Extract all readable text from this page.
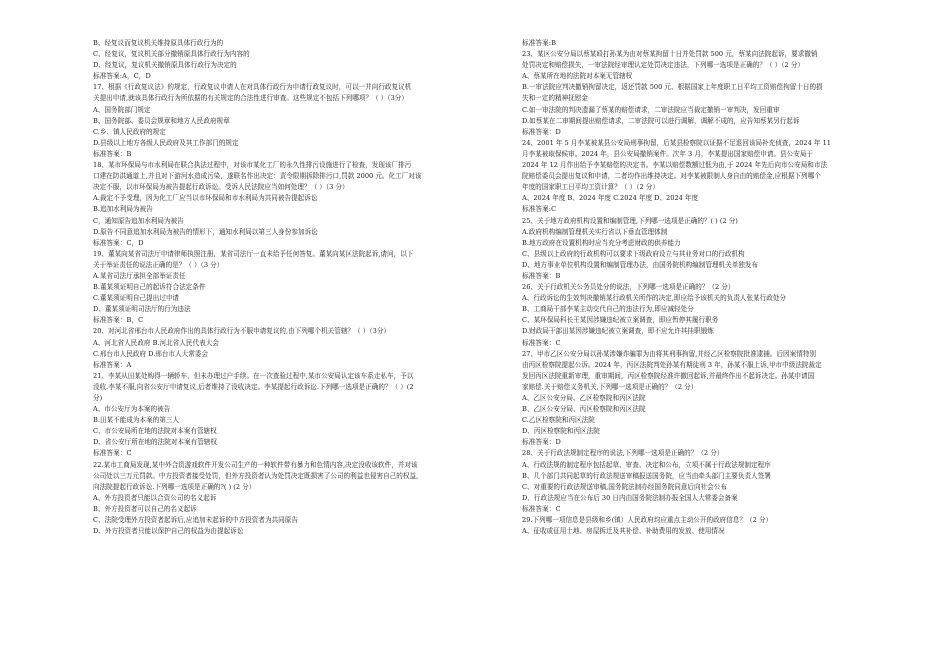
B、经复议而复议机关维持原具体行政行为的
C、经复议，复议机关部分撤销原具体行政行为内容的
D、经复议，复议机关撤销原具体行政行为决定的
标准答案:A，C，D
17、根据《行政复议法》的规定，行政复议申请人在对具体行政行为申请行政复议时，可以一并向行政复议机
关提出申请,就该具体行政行为所依据的有关规定的合法性进行审查。这些规定不包括下列哪项？（ ）（3分）
A、国务院部门规定
B、国务院部、委员会规章和地方人民政府规章
C.乡、镇人民政府的规定
D.县级以上地方各级人民政府及其工作部门的规定
标准答案：B
18、某市环保局与市水利局在联合执法过程中，对该市某化工厂的永久性排污设施进行了检查，发现该厂排污
口建在防洪通道上,并且对下游河水造成污染，遂联名作出决定：责令限期拆除排污口,罚款 2000 元。化工厂对该
决定不服，以市环保局为被告提起行政诉讼。受诉人民法院应当如何处理？（ ）（3 分）
A.裁定不予受理，因为化工厂应当以市环保局和市水利局为共同被告提起诉讼
B.追加水利局为被告
C，通知原告追加水利局为被告
D.原告不同意追加水利局为被告的情形下，通知水利局以第三人身份参加诉讼
标准答案：C，D
19、董某向某省司法厅申请律师执照注册，某省司法厅一直未给予任何答复。董某向某区法院起诉,请问，以下
关于举证责任的说法正确的是？（ ）（3 分）
A.某省司法厅承担全部举证责任
B.董某须证明自己的起诉符合法定条件
C.董某须证明自己提出过申请
D、董某须证明司法厅的行为违法
标准答案：B，C
20、对河北省邢台市人民政府作出的具体行政行为不服申请复议的,由下列哪个机关管辖？（ ）（3分）
A、河北省人民政府 B.河北省人民代表大会
C.邢台市人民政府 D.邢台市人大常委会
标准答案：A
21、李某从田某处购得一辆轿车，但未办理过户手续。在一次查验过程中,某市公安局认定该车系走私车，予以
没收.李某不服,向省公安厅申请复议,后者维持了没收决定。李某提起行政诉讼.下列哪一选项是正确的？（ ）(2
分)
A、市公安厅为本案的被告
B.田某不能成为本案的第三人
C、市公安局所在地的法院对本案有管辖权
D、省公安厅所在地的法院对本案有管辖权
标准答案：C
22.某市工商局发现,某中外合资游戏软件开发公司生产的一种软件带有暴力和色情内容,决定没收该软件，并对该
公司处以三万元罚款。中方投资者接受处罚，但外方投资者认为处罚决定既损害了公司的利益也侵害自己的权益,
向法院提起行政诉讼.下列哪一选项是正确的?( ) (2 分）
A、外方投资者只能以合资公司的名义起诉
B、外方投资者可以自己的名义起诉
C、法院受理外方投资者起诉后,应追加未起诉的中方投资者为共同原告
D、外方投资者只能以保护自己的权益为由提起诉讼
标准答案:B
23、某区公安分局以蔡某殴打孙某为由对蔡某拘留十日并处罚款 500 元，蔡某向法院起诉，要求撤销
处罚决定和赔偿损失，一审法院经审理认定处罚决定违法，下列哪一选项是正确的？（ ）（2 分）
A、蔡某所在地的法院对本案无管辖权
B.一审法院应判决撤销拘留决定，返还罚款 500 元、根据国家上年度职工日平均工资赔偿拘留十日的损
失和一定的精神抚慰金
C.如一审法院的判决遗漏了蔡某的赔偿请求，二审法院应当裁定撤销一审判决，发回重审
D.如蔡某在二审期间提出赔偿请求，二审法院可以进行调解，调解不成的，应告知蔡某另行起诉
标准答案：D
24、2001 年 5 月李某被某县公安局刑事拘留，后某县检察院以证据不足退回该局补充侦查，2024 年 11
月李某被取保候审。2024 年，县公安局撤销案件。次年 3 月，李某提出国家赔偿申请。县公安局于
2024 年 12 月作出给予李某赔偿的决定书。李某以赔偿数额过低为由,于 2024 年先后向市公安局和市法
院赔偿委员会提出复议和申请，二者均作出维持决定。对李某被限制人身自由的赔偿金,应根据下列哪个
年度的国家职工日平均工资计算？（ ）（2 分）
A、2024 年度 B、2024 年度 C.2024 年度 D、2024 年度
标准答案:C
25、关于地方政府机构设置和编制管理,下列哪一选项是正确的？( ) (2 分)
A.政府机构编制管理机关实行省以下垂直管理体制
B.地方政府在设置机构时应当充分考虑财政的供养能力
C、县级以上政府的行政机构可以要求下级政府设立与其业务对口的行政机构
D、地方事业单位机构设置和编制管理办法，由国务院机构编制管理机关单独发布
标准答案：B
26、关于行政机关公务员处分的说法，下列哪一选项是正确的？（2 分）
A、行政诉讼的生效判决撤销某行政机关所作的决定,即应给予该机关的负责人张某行政处分
B、工商局干部李某主动交代自己的违法行为,即应减轻处分
C、某环保局科长王某因涉嫌违纪被立案调查，即应暂停其履行职务
D.财政局干部田某因涉嫌违纪被立案调查，即不应允许其挂职锻炼
标准答案：C
27、甲市乙区公安分局以孙某涉嫌诈骗罪为由将其刑事拘留,并经乙区检察院批准逮捕。后因案情特别
由丙区检察院提起公诉。2024 年，丙区法院判处孙某有期徒刑 3 年，孙某不服上诉,甲市中级法院裁定
发回丙区法院重新审理，重审期间，丙区检察院经准许撤回起诉,并最终作出不起诉决定。孙某申请国
家赔偿.关于赔偿义务机关,下列哪一选项是正确的？（2 分）
A、乙区公安分局、乙区检察院和丙区法院
B、乙区公安分局、丙区检察院和丙区法院
C.乙区检察院和丙区法院
D、丙区检察院和丙区法院
标准答案：D
28、关于行政法规制定程序的说法,下列哪一选项是正确的？（2 分）
A、行政法规的制定程序包括起草、审查、决定和公布，立项不属于行政法规制定程序
B、几个部门共同起草的行政法规送审稿报送国务院，应当由牵头部门主要负责人签署
C、对重要的行政法规送审稿,国务院法制办经国务院同意后向社会公布
D、行政法规应当在公布后 30 日内由国务院法制办报全国人大常委会备案
标准答案：C
29.下列哪一项信息是县级和乡(镇）人民政府均应重点主动公开的政府信息？（2 分）
A、征收或征用土地、房屋拆迁及其补偿、补助费用的发放、使用情况
